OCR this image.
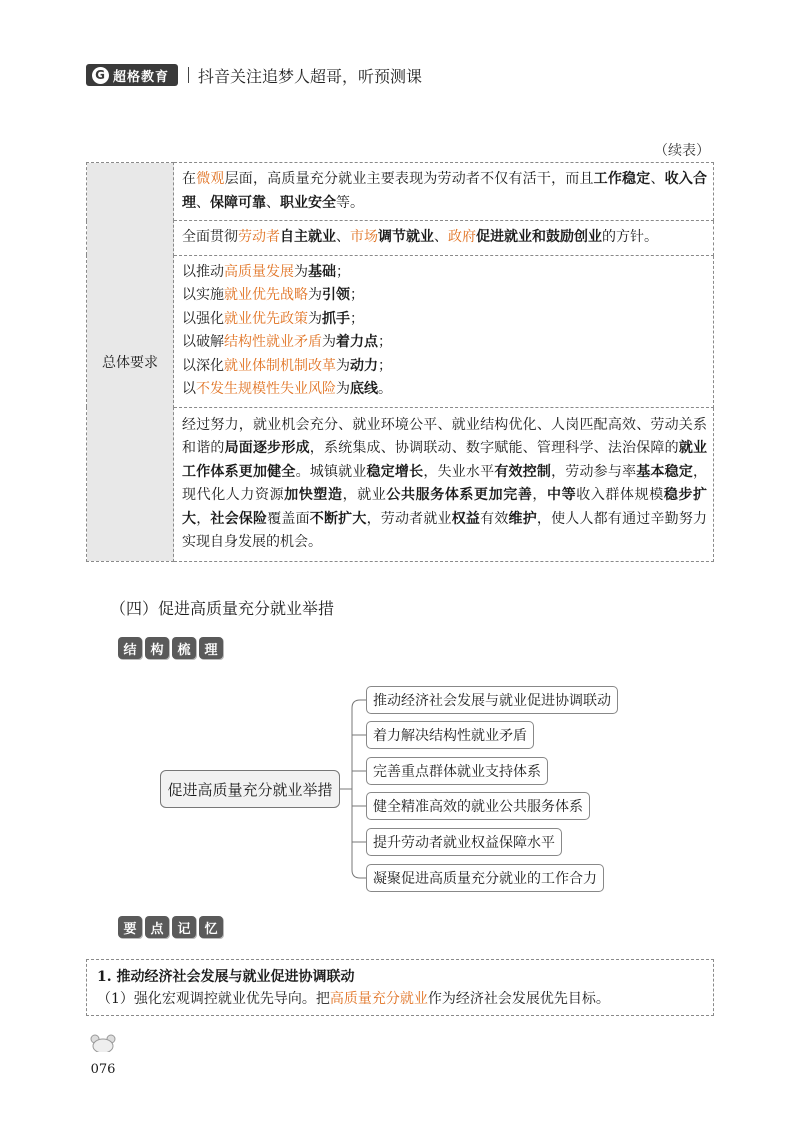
G 超格教育 抖音关注追梦人超哥，听预测课
（续表）
总体要求	在微观层面，高质量充分就业主要表现为劳动者不仅有活干，而且工作稳定、收入合理、保障可靠、职业安全等。
全面贯彻劳动者自主就业、市场调节就业、政府促进就业和鼓励创业的方针。

以推动高质量发展为基础；
以实施就业优先战略为引领；
以强化就业优先政策为抓手；
以破解结构性就业矛盾为着力点；
以深化就业体制机制改革为动力；
以不发生规模性失业风险为底线。

经过努力，就业机会充分、就业环境公平、就业结构优化、人岗匹配高效、劳动关系和谐的局面逐步形成，系统集成、协调联动、数字赋能、管理科学、法治保障的就业工作体系更加健全。城镇就业稳定增长，失业水平有效控制，劳动参与率基本稳定，现代化人力资源加快塑造，就业公共服务体系更加完善，中等收入群体规模稳步扩大，社会保险覆盖面不断扩大，劳动者就业权益有效维护，使人人都有通过辛勤努力实现自身发展的机会。
（四）促进高质量充分就业举措
结	构	梳	理
促进高质量充分就业举措
推动经济社会发展与就业促进协调联动
着力解决结构性就业矛盾
完善重点群体就业支持体系
健全精准高效的就业公共服务体系
提升劳动者就业权益保障水平
凝聚促进高质量充分就业的工作合力
要	点	记	忆
1. 推动经济社会发展与就业促进协调联动
（1）强化宏观调控就业优先导向。把高质量充分就业作为经济社会发展优先目标。
076
